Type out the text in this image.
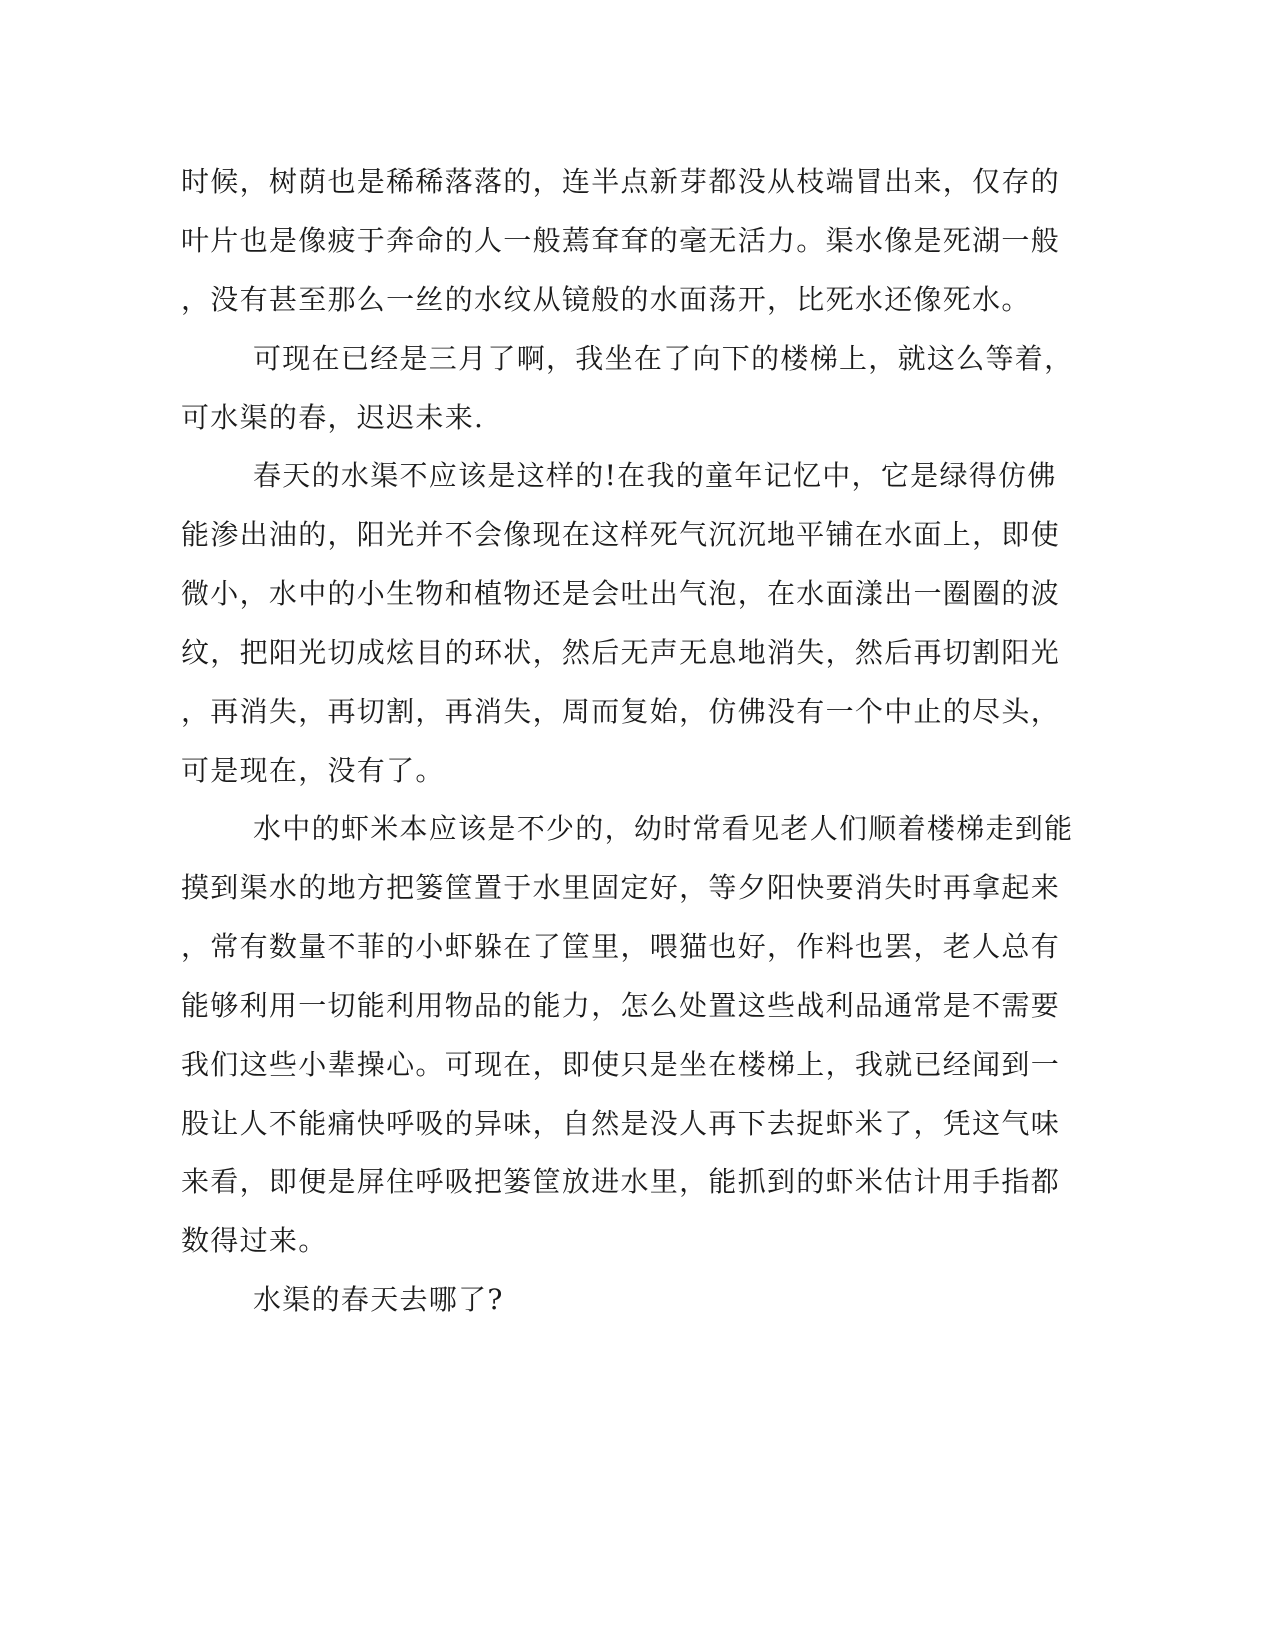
时候，树荫也是稀稀落落的，连半点新芽都没从枝端冒出来，仅存的
叶片也是像疲于奔命的人一般蔫耷耷的毫无活力。渠水像是死湖一般
，没有甚至那么一丝的水纹从镜般的水面荡开，比死水还像死水。
可现在已经是三月了啊，我坐在了向下的楼梯上，就这么等着，
可水渠的春，迟迟未来.
春天的水渠不应该是这样的!在我的童年记忆中，它是绿得仿佛
能渗出油的，阳光并不会像现在这样死气沉沉地平铺在水面上，即使
微小，水中的小生物和植物还是会吐出气泡，在水面漾出一圈圈的波
纹，把阳光切成炫目的环状，然后无声无息地消失，然后再切割阳光
，再消失，再切割，再消失，周而复始，仿佛没有一个中止的尽头，
可是现在，没有了。
水中的虾米本应该是不少的，幼时常看见老人们顺着楼梯走到能
摸到渠水的地方把篓筐置于水里固定好，等夕阳快要消失时再拿起来
，常有数量不菲的小虾躲在了筐里，喂猫也好，作料也罢，老人总有
能够利用一切能利用物品的能力，怎么处置这些战利品通常是不需要
我们这些小辈操心。可现在，即使只是坐在楼梯上，我就已经闻到一
股让人不能痛快呼吸的异味，自然是没人再下去捉虾米了，凭这气味
来看，即便是屏住呼吸把篓筐放进水里，能抓到的虾米估计用手指都
数得过来。
水渠的春天去哪了?
